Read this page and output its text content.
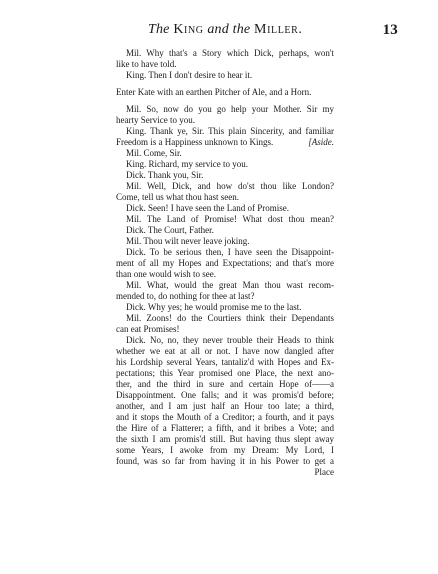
The King and the Miller.	13
Mil. Why that's a Story which Dick, perhaps, won't
like to have told.
King. Then I don't desire to hear it.
Enter Kate with an earthen Pitcher of Ale, and a Horn.
Mil. So, now do you go help your Mother. Sir my
hearty Service to you.
King. Thank ye, Sir. This plain Sincerity, and familiar
Freedom is a Happiness unknown to Kings.	[Aside.
Mil. Come, Sir.
King. Richard, my service to you.
Dick. Thank you, Sir.
Mil. Well, Dick, and how do'st thou like London?
Come, tell us what thou hast seen.
Dick. Seen! I have seen the Land of Promise.
Mil. The Land of Promise! What dost thou mean?
Dick. The Court, Father.
Mil. Thou wilt never leave joking.
Dick. To be serious then, I have seen the Disappoint-
ment of all my Hopes and Expectations; and that's more
than one would wish to see.
Mil. What, would the great Man thou wast recom-
mended to, do nothing for thee at last?
Dick. Why yes; he would promise me to the last.
Mil. Zoons! do the Courtiers think their Dependants
can eat Promises!
Dick. No, no, they never trouble their Heads to think
whether we eat at all or not. I have now dangled after
his Lordship several Years, tantaliz'd with Hopes and Ex-
pectations; this Year promised one Place, the next ano-
ther, and the third in sure and certain Hope of——a
Disappointment. One falls; and it was promis'd before;
another, and I am just half an Hour too late; a third,
and it stops the Mouth of a Creditor; a fourth, and it pays
the Hire of a Flatterer; a fifth, and it bribes a Vote; and
the sixth I am promis'd still. But having thus slept away
some Years, I awoke from my Dream: My Lord, I
found, was so far from having it in his Power to get a
Place
